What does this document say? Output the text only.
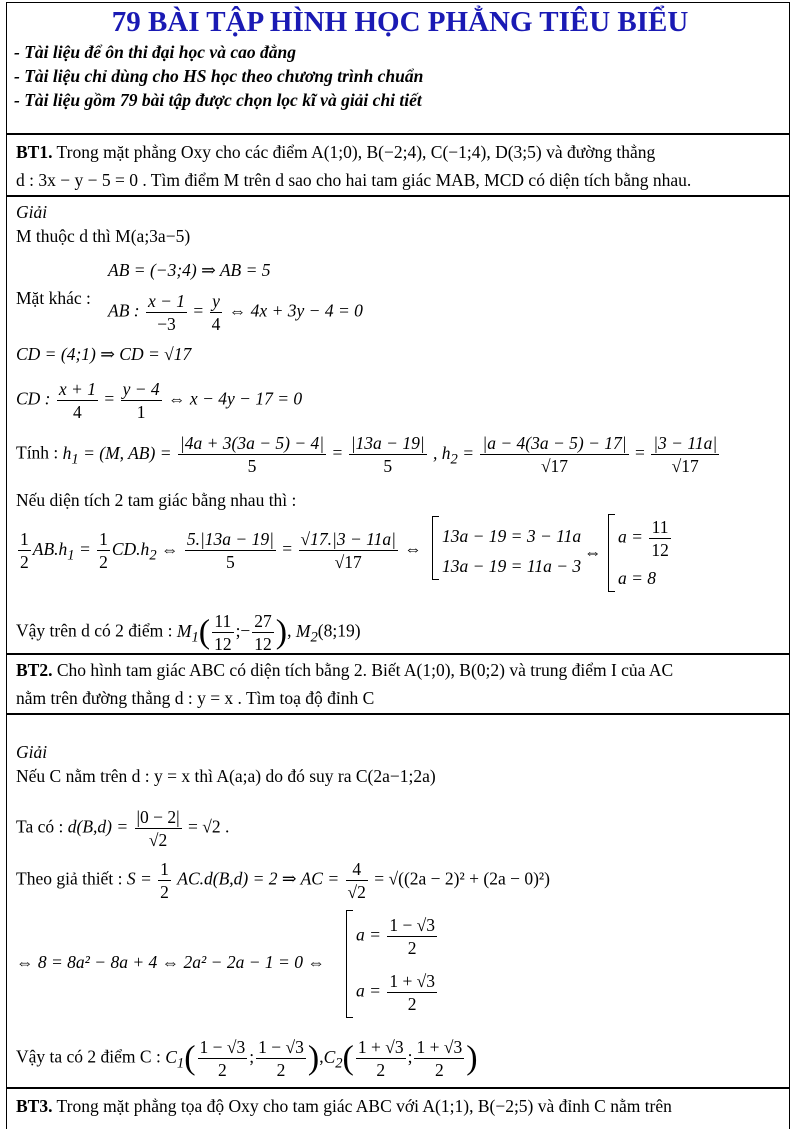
79 BÀI TẬP HÌNH HỌC PHẲNG TIÊU BIỂU
- Tài liệu để ôn thi đại học và cao đẳng
- Tài liệu chỉ dùng cho HS học theo chương trình chuẩn
- Tài liệu gồm 79 bài tập được chọn lọc kĩ và giải chi tiết
BT1. Trong mặt phẳng Oxy cho các điểm A(1;0), B(−2;4), C(−1;4), D(3;5) và đường thẳng
d : 3x − y − 5 = 0 . Tìm điểm M trên d sao cho hai tam giác MAB, MCD có diện tích bằng nhau.
Giải
M thuộc d thì M(a;3a−5)
AB = (−3;4) ⇒ AB = 5
Mặt khác :
AB : $\frac{x - 1}{-3} = \frac{y}{4}$ ⇔ 4x + 3y − 4 = 0
CD = (4;1) ⇒ CD = √17
CD : $\frac{x + 1}{4} = \frac{y - 4}{1}$ ⇔ x − 4y − 17 = 0
Tính : $h_1 = (M$, $AB) = \frac{|4a + 3(3a - 5) - 4|}{5} = \frac{|13a - 19|}{5}$ , $h_2 = \frac{|a - 4(3a - 5) - 17|}{√17} = \frac{|3 - 11a|}{√17}$
Nếu diện tích 2 tam giác bằng nhau thì :
$\frac{1}{2} AB.h_1 = \frac{1}{2} CD.h_2$ ⇔ $\frac{5.|13a - 19|}{5} = \frac{√17.|3 - 11a|}{√17}$ ⇔
13a − 19 = 3 − 11a
13a − 19 = 11a − 3
⇔
$a = \frac{11}{12}$
a = 8
Vậy trên d có 2 điểm : $M_1( \frac{11}{12}$ ;− $\frac{27}{12}$ ), $M_2(8;19)$
BT2. Cho hình tam giác ABC có diện tích bằng 2. Biết A(1;0), B(0;2) và trung điểm I của AC
nằm trên đường thẳng d : y = x . Tìm toạ độ đỉnh C
Giải
Nếu C nằm trên d : y = x thì A(a;a) do đó suy ra C(2a−1;2a)
Ta có : $d(B,d) = \frac{|0 - 2|}{√2} = √2$ .
Theo giả thiết : $S = \frac{1}{2} AC.d(B,d) = 2$ ⇒ AC = $\frac{4}{√2} = √((2a - 2)^2 + (2a - 0)^2)$
⇔ 8 = 8a² − 8a + 4 ⇔ 2a² − 2a − 1 = 0 ⇔
$a = \frac{1 - √3}{2}$
$a = \frac{1 + √3}{2}$
Vậy ta có 2 điểm C : $C_1( \frac{1 - √3}{2}$ ; $\frac{1 - √3}{2} ),C_2( \frac{1 + √3}{2}$ ; $\frac{1 + √3}{2}$ )
BT3. Trong mặt phẳng tọa độ Oxy cho tam giác ABC với A(1;1), B(−2;5) và đỉnh C nằm trên
